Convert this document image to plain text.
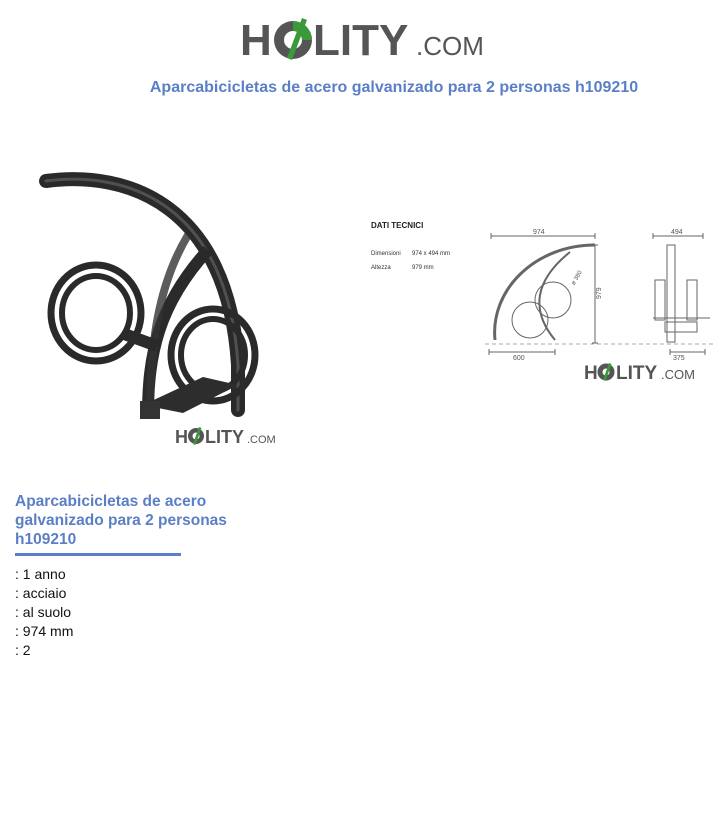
H LITY .COM
Aparcabicicletas de acero galvanizado para 2 personas h109210
H LITY .COM
DATI TECNICI
Dimensioni 974 x 494 mm
Altezza	979 mm
974
979
ø 380
600
494
375
H LITY .COM
Aparcabicicletas de acero galvanizado para 2 personas h109210
: 1 anno
: acciaio
: al suolo
: 974 mm
: 2
